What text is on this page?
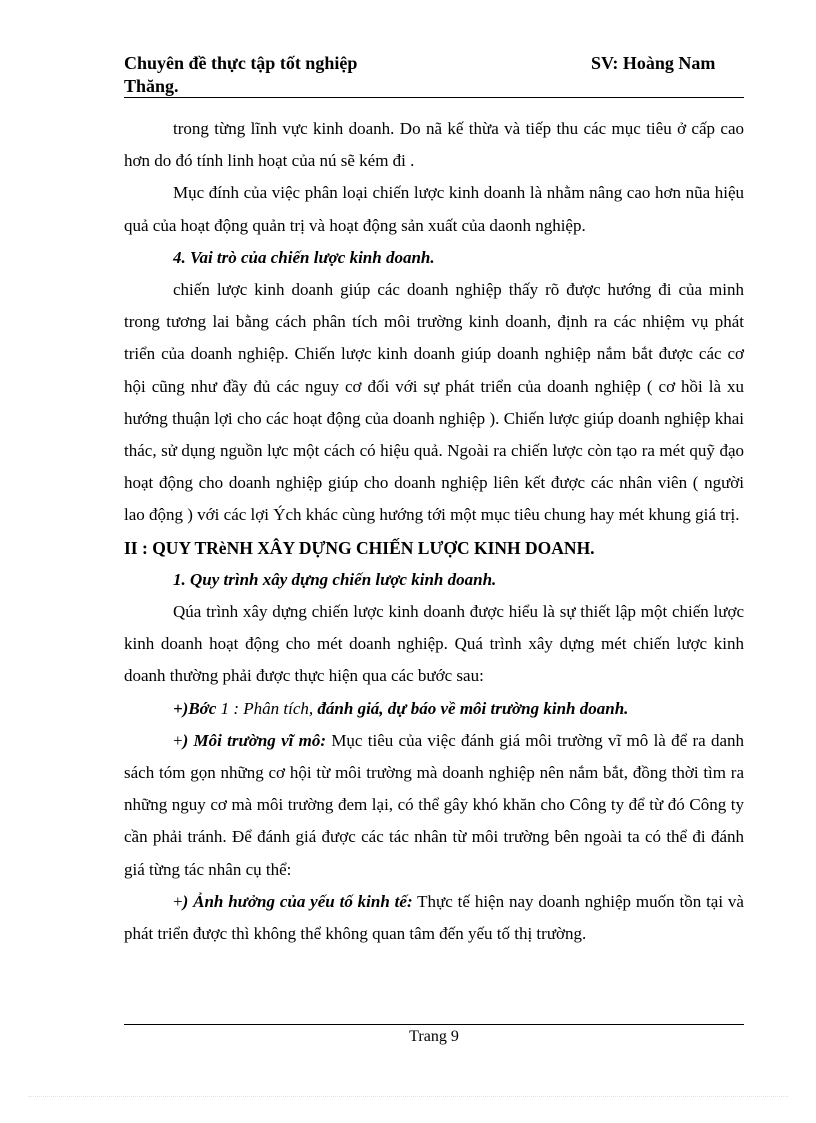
Chuyên đề thực tập tốt nghiệp	SV: Hoàng Nam
Thăng.

trong từng lĩnh vực kinh doanh. Do nã kế thừa và tiếp thu các mục tiêu ở cấp cao hơn do đó tính linh hoạt của nú sẽ kém đi .

Mục đính của việc phân loại chiến lược kinh doanh là nhằm nâng cao hơn nũa hiệu quả của hoạt động quản trị và hoạt động sản xuất của daonh nghiệp.

4. Vai trò của chiến lược kinh doanh.

chiến lược kinh doanh giúp các doanh nghiệp thấy rõ được hướng đi của minh trong tương lai bằng cách phân tích môi trường kinh doanh, định ra các nhiệm vụ phát triển của doanh nghiệp. Chiến lược kinh doanh giúp doanh nghiệp nắm bắt được các cơ hội cũng như đầy đủ các nguy cơ đối với sự phát triển của doanh nghiệp ( cơ hồi là xu hướng thuận lợi cho các hoạt động của doanh nghiệp ). Chiến lược giúp doanh nghiệp khai thác, sử dụng nguồn lực một cách có hiệu quả. Ngoài ra chiến lược còn tạo ra mét quỹ đạo hoạt động cho doanh nghiệp giúp cho doanh nghiệp liên kết được các nhân viên ( người lao động ) với các lợi Ých khác cùng hướng tới một mục tiêu chung hay mét khung giá trị.

II : QUY TRèNH XÂY DỰNG CHIẾN LƯỢC KINH DOANH.

1. Quy trình xây dựng chiến lược kinh doanh.

Qúa trình xây dựng chiến lược kinh doanh được hiểu là sự thiết lập một chiến lược kinh doanh hoạt động cho mét doanh nghiệp. Quá trình xây dựng mét chiến lược kinh doanh thường phải được thực hiện qua các bước sau:

+)Bớc 1 : Phân tích, đánh giá, dự báo về môi trường kinh doanh.

+) Môi trường vĩ mô: Mục tiêu của việc đánh giá môi trường vĩ mô là để ra danh sách tóm gọn những cơ hội từ môi trường mà doanh nghiệp nên nắm bắt, đồng thời tìm ra những nguy cơ mà môi trường đem lại, có thể gây khó khăn cho Công ty để từ đó Công ty cần phải tránh. Để đánh giá được các tác nhân từ môi trường bên ngoài ta có thể đi đánh giá từng tác nhân cụ thể:

+) Ảnh hưởng của yếu tố kinh tế: Thực tế hiện nay doanh nghiệp muốn tồn tại và phát triển được thì không thể không quan tâm đến yếu tố thị trường.

Trang 9
